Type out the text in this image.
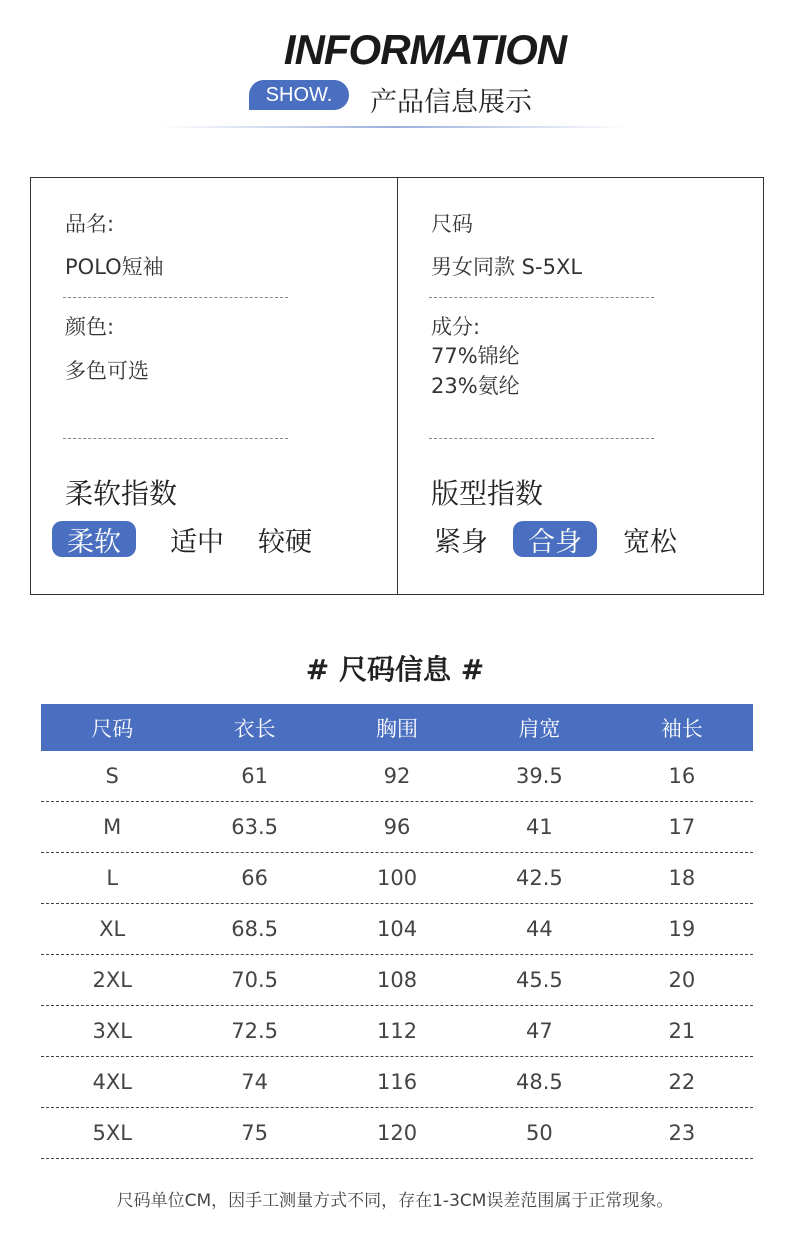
INFORMATION
SHOW.	产品信息展示
品名:
POLO短袖
颜色:
多色可选
柔软指数
柔软	适中	较硬
尺码
男女同款 S-5XL
成分:
77%锦纶
23%氨纶
版型指数
紧身	合身	宽松
# 尺码信息 #
尺码	衣长	胸围	肩宽	袖长
S	61	92	39.5	16
M	63.5	96	41	17
L	66	100	42.5	18
XL	68.5	104	44	19
2XL	70.5	108	45.5	20
3XL	72.5	112	47	21
4XL	74	116	48.5	22
5XL	75	120	50	23
尺码单位CM，因手工测量方式不同，存在1-3CM误差范围属于正常现象。
